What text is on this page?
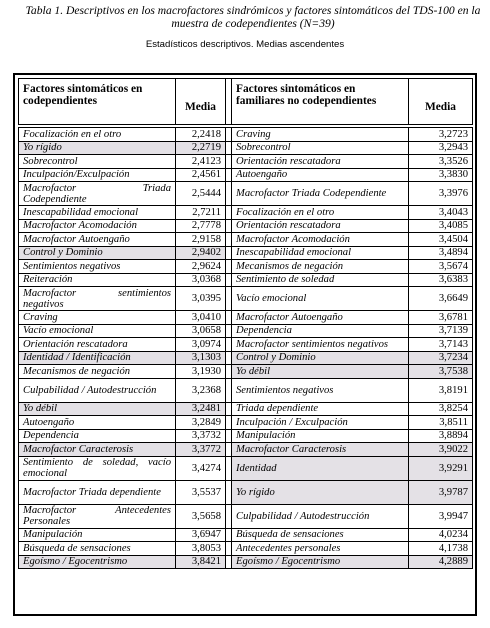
Tabla 1. Descriptivos en los macrofactores sindrómicos y factores sintomáticos del TDS-100 en la muestra de codependientes (N=39)
Estadísticos descriptivos. Medias ascendentes
Factores sintomáticos en codependientes	Media		Factores sintomáticos en familiares no codependientes	Media

Focalización en el otro	2,2418		Craving	3,2723
Yo rígido	2,2719		Sobrecontrol	3,2943
Sobrecontrol	2,4123		Orientación rescatadora	3,3526
Inculpación/Exculpación	2,4561		Autoengaño	3,3830
Macrofactor Triada Codependiente	2,5444		Macrofactor Triada Codependiente	3,3976
Inescapabilidad emocional	2,7211		Focalización en el otro	3,4043
Macrofactor Acomodación	2,7778		Orientación rescatadora	3,4085
Macrofactor Autoengaño	2,9158		Macrofactor Acomodación	3,4504
Control y Dominio	2,9402		Inescapabilidad emocional	3,4894
Sentimientos negativos	2,9624		Mecanismos de negación	3,5674
Reiteración	3,0368		Sentimiento de soledad	3,6383
Macrofactor sentimientos negativos	3,0395		Vacío emocional	3,6649
Craving	3,0410		Macrofactor Autoengaño	3,6781
Vacío emocional	3,0658		Dependencia	3,7139
Orientación rescatadora	3,0974		Macrofactor sentimientos negativos	3,7143
Identidad / Identificación	3,1303		Control y Dominio	3,7234
Mecanismos de negación	3,1930		Yo débil	3,7538
Culpabilidad / Autodestrucción	3,2368		Sentimientos negativos	3,8191
Yo débil	3,2481		Triada dependiente	3,8254
Autoengaño	3,2849		Inculpación / Exculpación	3,8511
Dependencia	3,3732		Manipulación	3,8894
Macrofactor Caracterosis	3,3772		Macrofactor Caracterosis	3,9022
Sentimiento de soledad, vacío emocional	3,4274		Identidad	3,9291
Macrofactor Triada dependiente	3,5537		Yo rígido	3,9787
Macrofactor Antecedentes Personales	3,5658		Culpabilidad / Autodestrucción	3,9947
Manipulación	3,6947		Búsqueda de sensaciones	4,0234
Búsqueda de sensaciones	3,8053		Antecedentes personales	4,1738
Egoísmo / Egocentrismo	3,8421		Egoísmo / Egocentrismo	4,2889
